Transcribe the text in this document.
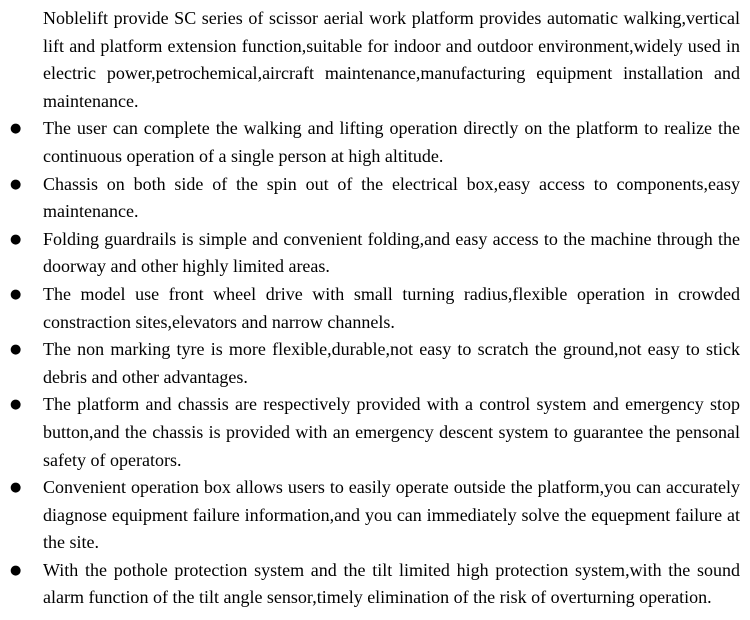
Noblelift provide SC series of scissor aerial work platform provides automatic walking,vertical lift and platform extension function,suitable for indoor and outdoor environment,widely used in electric power,petrochemical,aircraft maintenance,manufacturing equipment installation and maintenance.

●	The user can complete the walking and lifting operation directly on the platform to realize the continuous operation of a single person at high altitude.
●	Chassis on both side of the spin out of the electrical box,easy access to components,easy maintenance.
●	Folding guardrails is simple and convenient folding,and easy access to the machine through the doorway and other highly limited areas.
●	The model use front wheel drive with small turning radius,flexible operation in crowded constraction sites,elevators and narrow channels.
●	The non marking tyre is more flexible,durable,not easy to scratch the ground,not easy to stick debris and other advantages.
●	The platform and chassis are respectively provided with a control system and emergency stop button,and the chassis is provided with an emergency descent system to guarantee the pensonal safety of operators.
●	Convenient operation box allows users to easily operate outside the platform,you can accurately diagnose equipment failure information,and you can immediately solve the equepment failure at the site.
●	With the pothole protection system and the tilt limited high protection system,with the sound alarm function of the tilt angle sensor,timely elimination of the risk of overturning operation.
